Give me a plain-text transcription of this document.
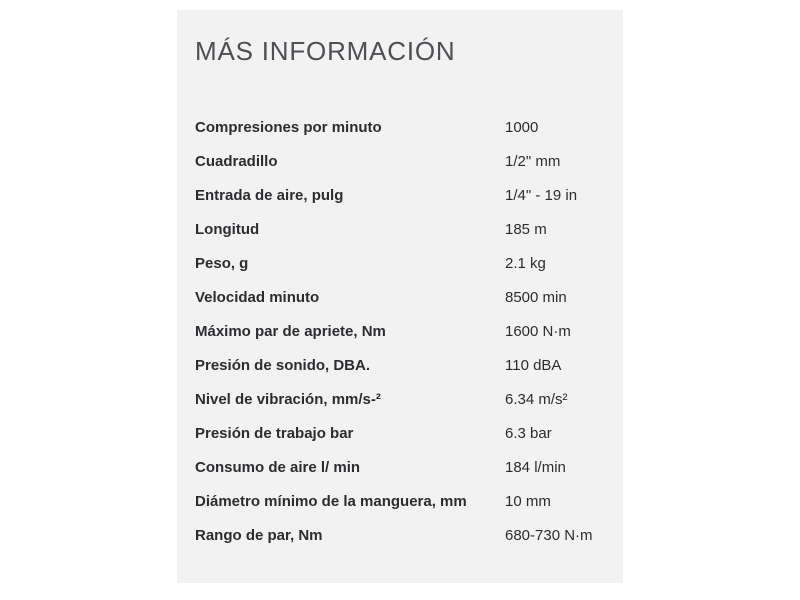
MÁS INFORMACIÓN
Compresiones por minuto	1000
Cuadradillo	1/2" mm
Entrada de aire, pulg	1/4" - 19 in
Longitud	185 m
Peso, g	2.1 kg
Velocidad minuto	8500 min
Máximo par de apriete, Nm	1600 N·m
Presión de sonido, DBA.	110 dBA
Nivel de vibración, mm/s-²	6.34 m/s²
Presión de trabajo bar	6.3 bar
Consumo de aire l/ min	184 l/min
Diámetro mínimo de la manguera, mm	10 mm
Rango de par, Nm	680-730 N·m
